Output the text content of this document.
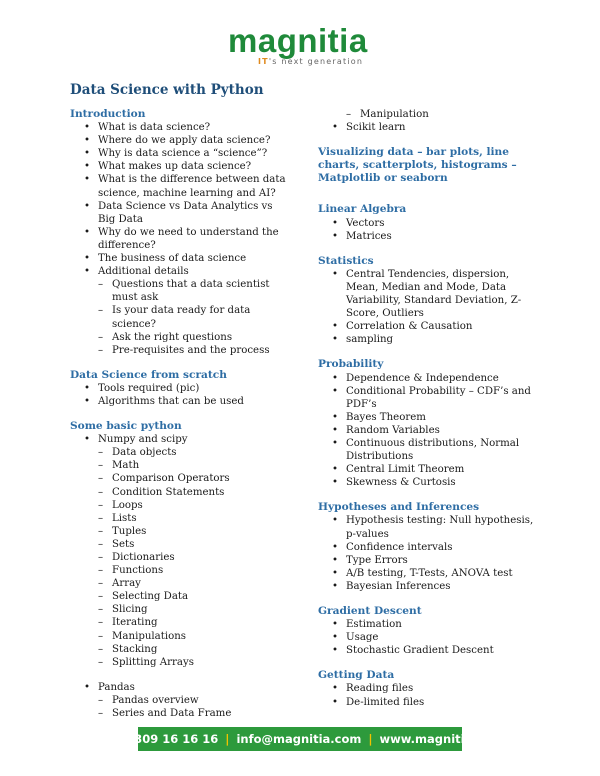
magnitia
IT's next generation
Data Science with Python
Introduction
• What is data science?
• Where do we apply data science?
• Why is data science a “science”?
• What makes up data science?
• What is the difference between data science, machine learning and AI?
• Data Science vs Data Analytics vs Big Data
• Why do we need to understand the difference?
• The business of data science
• Additional details
– Questions that a data scientist must ask
– Is your data ready for data science?
– Ask the right questions
– Pre-requisites and the process
Data Science from scratch
• Tools required (pic)
• Algorithms that can be used
Some basic python
• Numpy and scipy
– Data objects
– Math
– Comparison Operators
– Condition Statements
– Loops
– Lists
– Tuples
– Sets
– Dictionaries
– Functions
– Array
– Selecting Data
– Slicing
– Iterating
– Manipulations
– Stacking
– Splitting Arrays
• Pandas
– Pandas overview
– Series and Data Frame
– Manipulation
• Scikit learn
Visualizing data – bar plots, line charts, scatterplots, histograms – Matplotlib or seaborn
Linear Algebra
• Vectors
• Matrices
Statistics
• Central Tendencies, dispersion, Mean, Median and Mode, Data Variability, Standard Deviation, Z-Score, Outliers
• Correlation & Causation
• sampling
Probability
• Dependence & Independence
• Conditional Probability – CDF’s and PDF’s
• Bayes Theorem
• Random Variables
• Continuous distributions, Normal Distributions
• Central Limit Theorem
• Skewness & Curtosis
Hypotheses and Inferences
• Hypothesis testing: Null hypothesis, p-values
• Confidence intervals
• Type Errors
• A/B testing, T-Tests, ANOVA test
• Bayesian Inferences
Gradient Descent
• Estimation
• Usage
• Stochastic Gradient Descent
Getting Data
• Reading files
• De-limited files
+91 6309 16 16 16 | info@magnitia.com | www.magnitia.com
